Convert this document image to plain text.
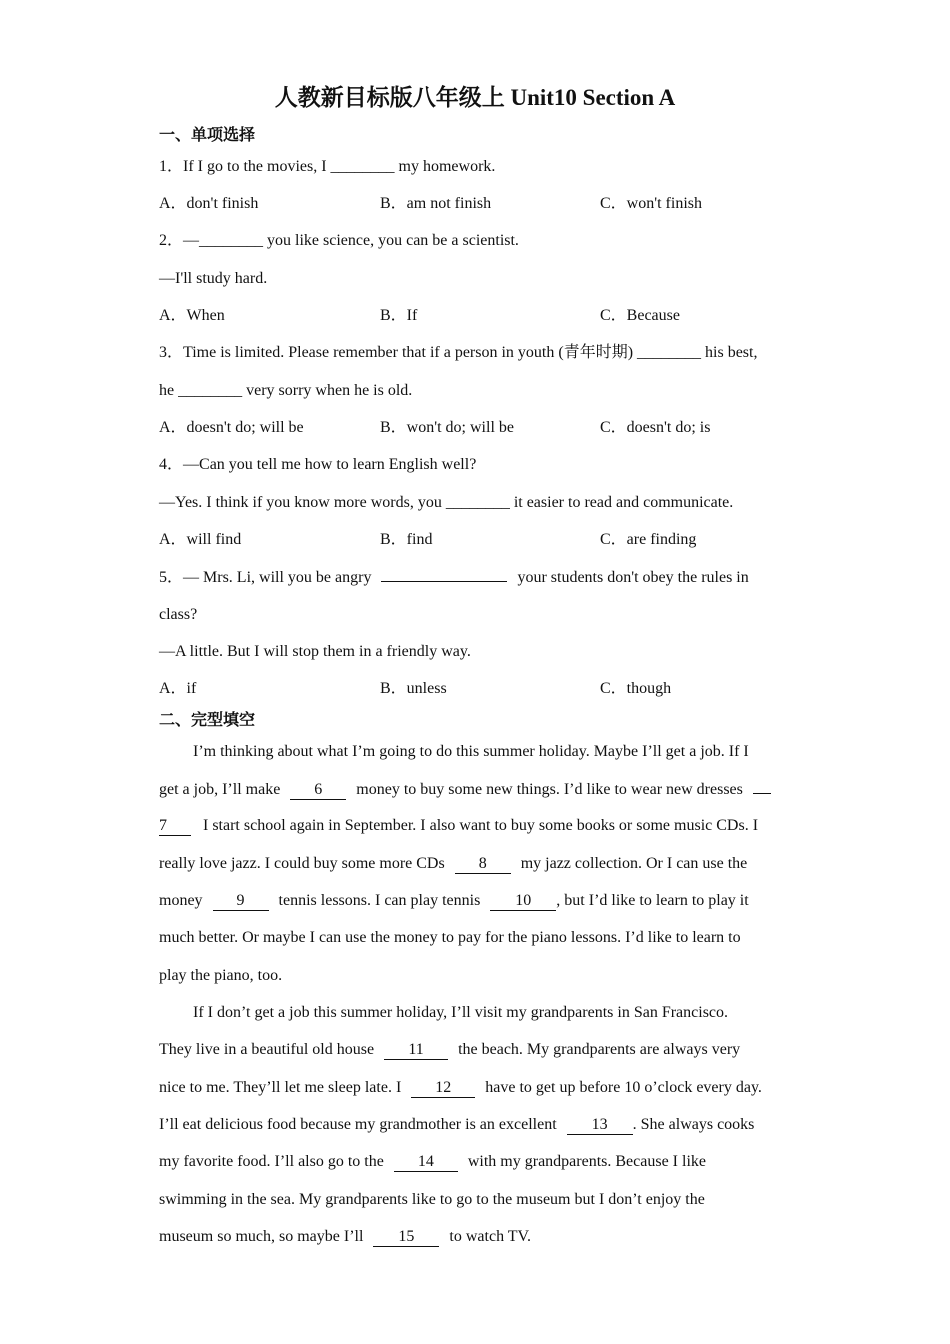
人教新目标版八年级上 Unit10 Section A
一、单项选择
1．If I go to the movies, I ________ my homework.
A．don't finish	B．am not finish	C．won't finish
2．—________ you like science, you can be a scientist.
—I'll study hard.
A．When	B．If	C．Because
3．Time is limited. Please remember that if a person in youth (青年时期) ________ his best,
he ________ very sorry when he is old.
A．doesn't do; will be	B．won't do; will be	C．doesn't do; is
4．—Can you tell me how to learn English well?
—Yes. I think if you know more words, you ________ it easier to read and communicate.
A．will find	B．find	C．are finding
5．— Mrs. Li, will you be angry	your students don't obey the rules in
class?
—A little. But I will stop them in a friendly way.
A．if	B．unless	C．though
二、完型填空
I’m thinking about what I’m going to do this summer holiday. Maybe I’ll get a job. If I
get a job, I’ll make 6 money to buy some new things. I’d like to wear new dresses
7 I start school again in September. I also want to buy some books or some music CDs. I
really love jazz. I could buy some more CDs 8 my jazz collection. Or I can use the
money 9 tennis lessons. I can play tennis 10 , but I’d like to learn to play it
much better. Or maybe I can use the money to pay for the piano lessons. I’d like to learn to
play the piano, too.
If I don’t get a job this summer holiday, I’ll visit my grandparents in San Francisco.
They live in a beautiful old house 11 the beach. My grandparents are always very
nice to me. They’ll let me sleep late. I 12 have to get up before 10 o’clock every day.
I’ll eat delicious food because my grandmother is an excellent 13 . She always cooks
my favorite food. I’ll also go to the 14 with my grandparents. Because I like
swimming in the sea. My grandparents like to go to the museum but I don’t enjoy the
museum so much, so maybe I’ll 15 to watch TV.
